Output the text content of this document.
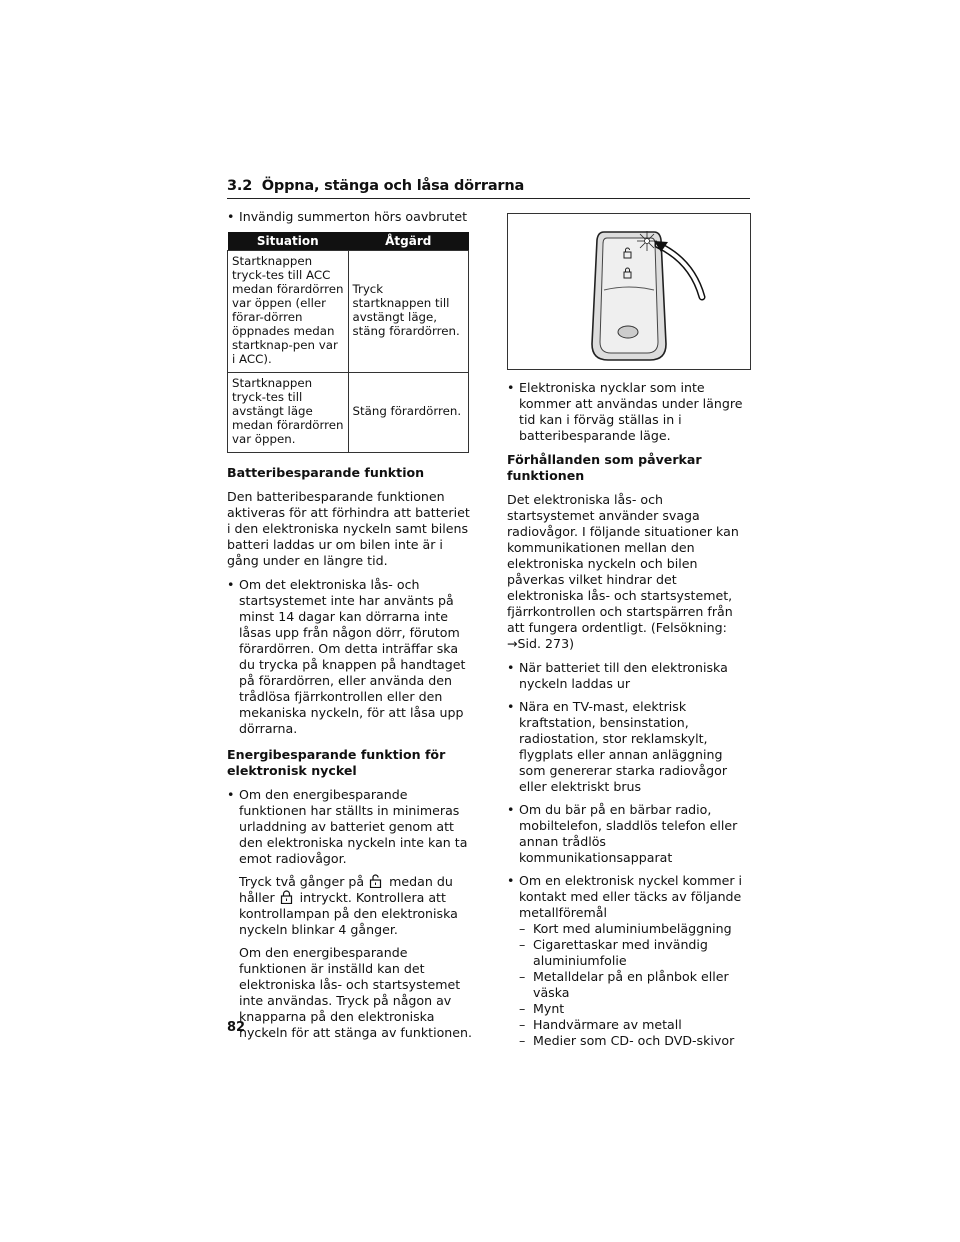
3.2 Öppna, stänga och låsa dörrarna

• Invändig summerton hörs oavbrutet

Situation	Åtgärd
Startknappen tryck-tes till ACC medan förardörren var öppen (eller förar-dörren öppnades medan startknap-pen var i ACC).	Tryck startknappen till avstängt läge, stäng förardörren.
Startknappen tryck-tes till avstängt läge medan förardörren var öppen.	Stäng förardörren.

Batteribesparande funktion

Den batteribesparande funktionen aktiveras för att förhindra att batteriet i den elektroniska nyckeln samt bilens batteri laddas ur om bilen inte är i gång under en längre tid.

• Om det elektroniska lås- och startsystemet inte har använts på minst 14 dagar kan dörrarna inte låsas upp från någon dörr, förutom förardörren. Om detta inträffar ska du trycka på knappen på handtaget på förardörren, eller använda den trådlösa fjärrkontrollen eller den mekaniska nyckeln, för att låsa upp dörrarna.

Energibesparande funktion för elektronisk nyckel

• Om den energibesparande funktionen har ställts in minimeras urladdning av batteriet genom att den elektroniska nyckeln inte kan ta emot radiovågor.

Tryck två gånger på medan du håller intryckt. Kontrollera att kontrollampan på den elektroniska nyckeln blinkar 4 gånger.

Om den energibesparande funktionen är inställd kan det elektroniska lås- och startsystemet inte användas. Tryck på någon av knapparna på den elektroniska nyckeln för att stänga av funktionen.

• Elektroniska nycklar som inte kommer att användas under längre tid kan i förväg ställas in i batteribesparande läge.

Förhållanden som påverkar funktionen

Det elektroniska lås- och startsystemet använder svaga radiovågor. I följande situationer kan kommunikationen mellan den elektroniska nyckeln och bilen påverkas vilket hindrar det elektroniska lås- och startsystemet, fjärrkontrollen och startspärren från att fungera ordentligt. (Felsökning:
→Sid. 273)

• När batteriet till den elektroniska nyckeln laddas ur

• Nära en TV-mast, elektrisk kraftstation, bensinstation, radiostation, stor reklamskylt, flygplats eller annan anläggning som genererar starka radiovågor eller elektriskt brus

• Om du bär på en bärbar radio, mobiltelefon, sladdlös telefon eller annan trådlös kommunikationsapparat

• Om en elektronisk nyckel kommer i kontakt med eller täcks av följande metallföremål

– Kort med aluminiumbeläggning

– Cigarettaskar med invändig aluminiumfolie

– Metalldelar på en plånbok eller väska

– Mynt

– Handvärmare av metall

– Medier som CD- och DVD-skivor

82
